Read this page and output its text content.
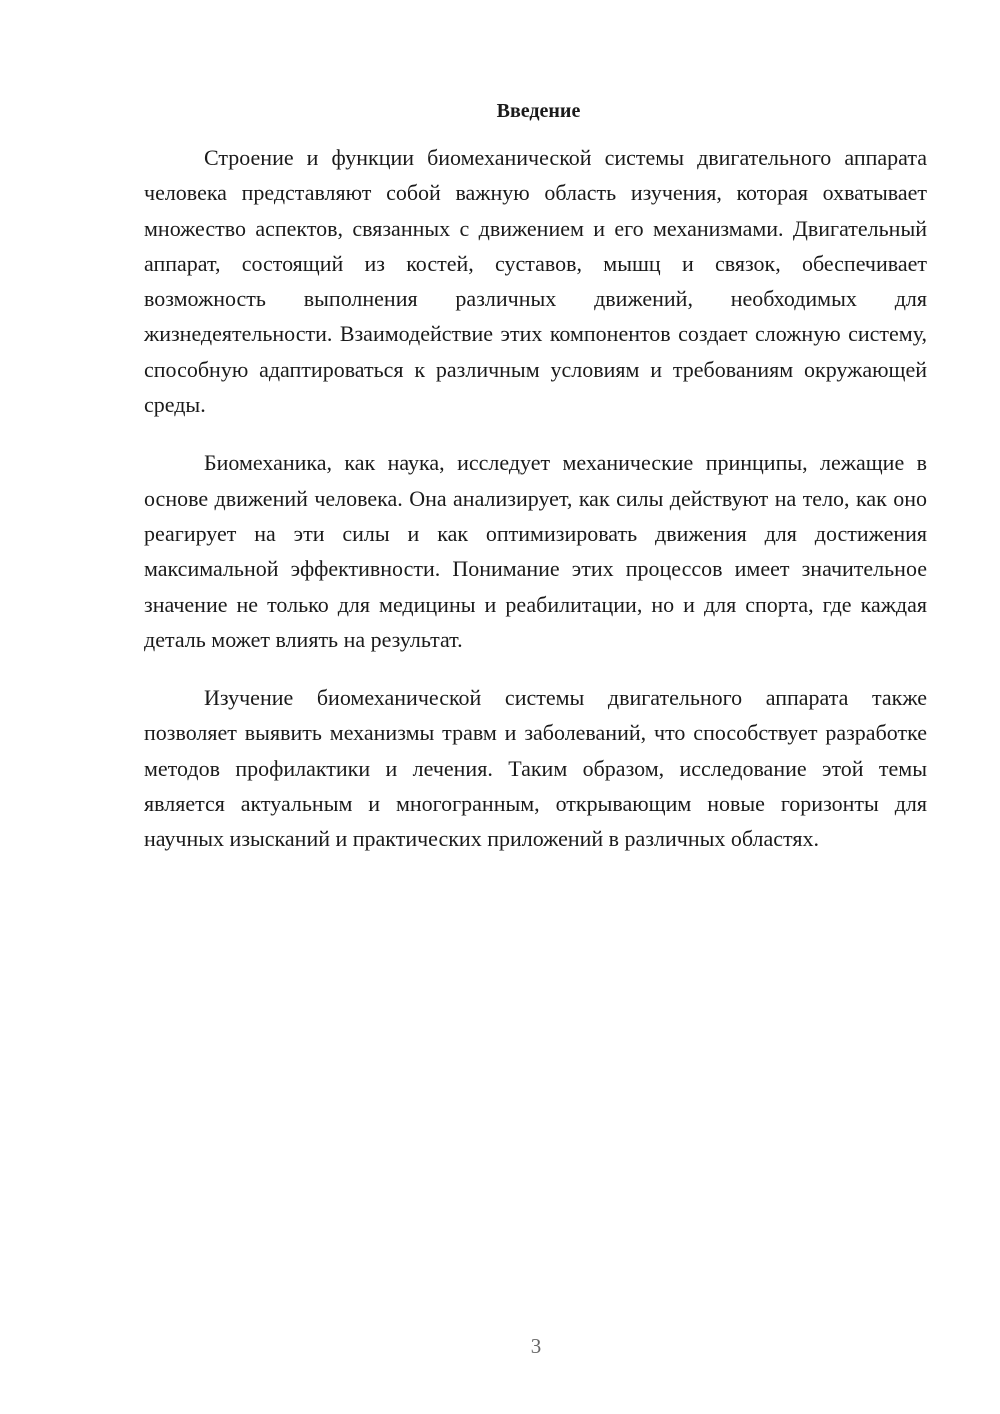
Введение

Строение и функции биомеханической системы двигательного аппарата человека представляют собой важную область изучения, которая охватывает множество аспектов, связанных с движением и его механизмами. Двигательный аппарат, состоящий из костей, суставов, мышц и связок, обеспечивает возможность выполнения различных движений, необходимых для жизнедеятельности. Взаимодействие этих компонентов создает сложную систему, способную адаптироваться к различным условиям и требованиям окружающей среды.

Биомеханика, как наука, исследует механические принципы, лежащие в основе движений человека. Она анализирует, как силы действуют на тело, как оно реагирует на эти силы и как оптимизировать движения для достижения максимальной эффективности. Понимание этих процессов имеет значительное значение не только для медицины и реабилитации, но и для спорта, где каждая деталь может влиять на результат.

Изучение биомеханической системы двигательного аппарата также позволяет выявить механизмы травм и заболеваний, что способствует разработке методов профилактики и лечения. Таким образом, исследование этой темы является актуальным и многогранным, открывающим новые горизонты для научных изысканий и практических приложений в различных областях.

3
